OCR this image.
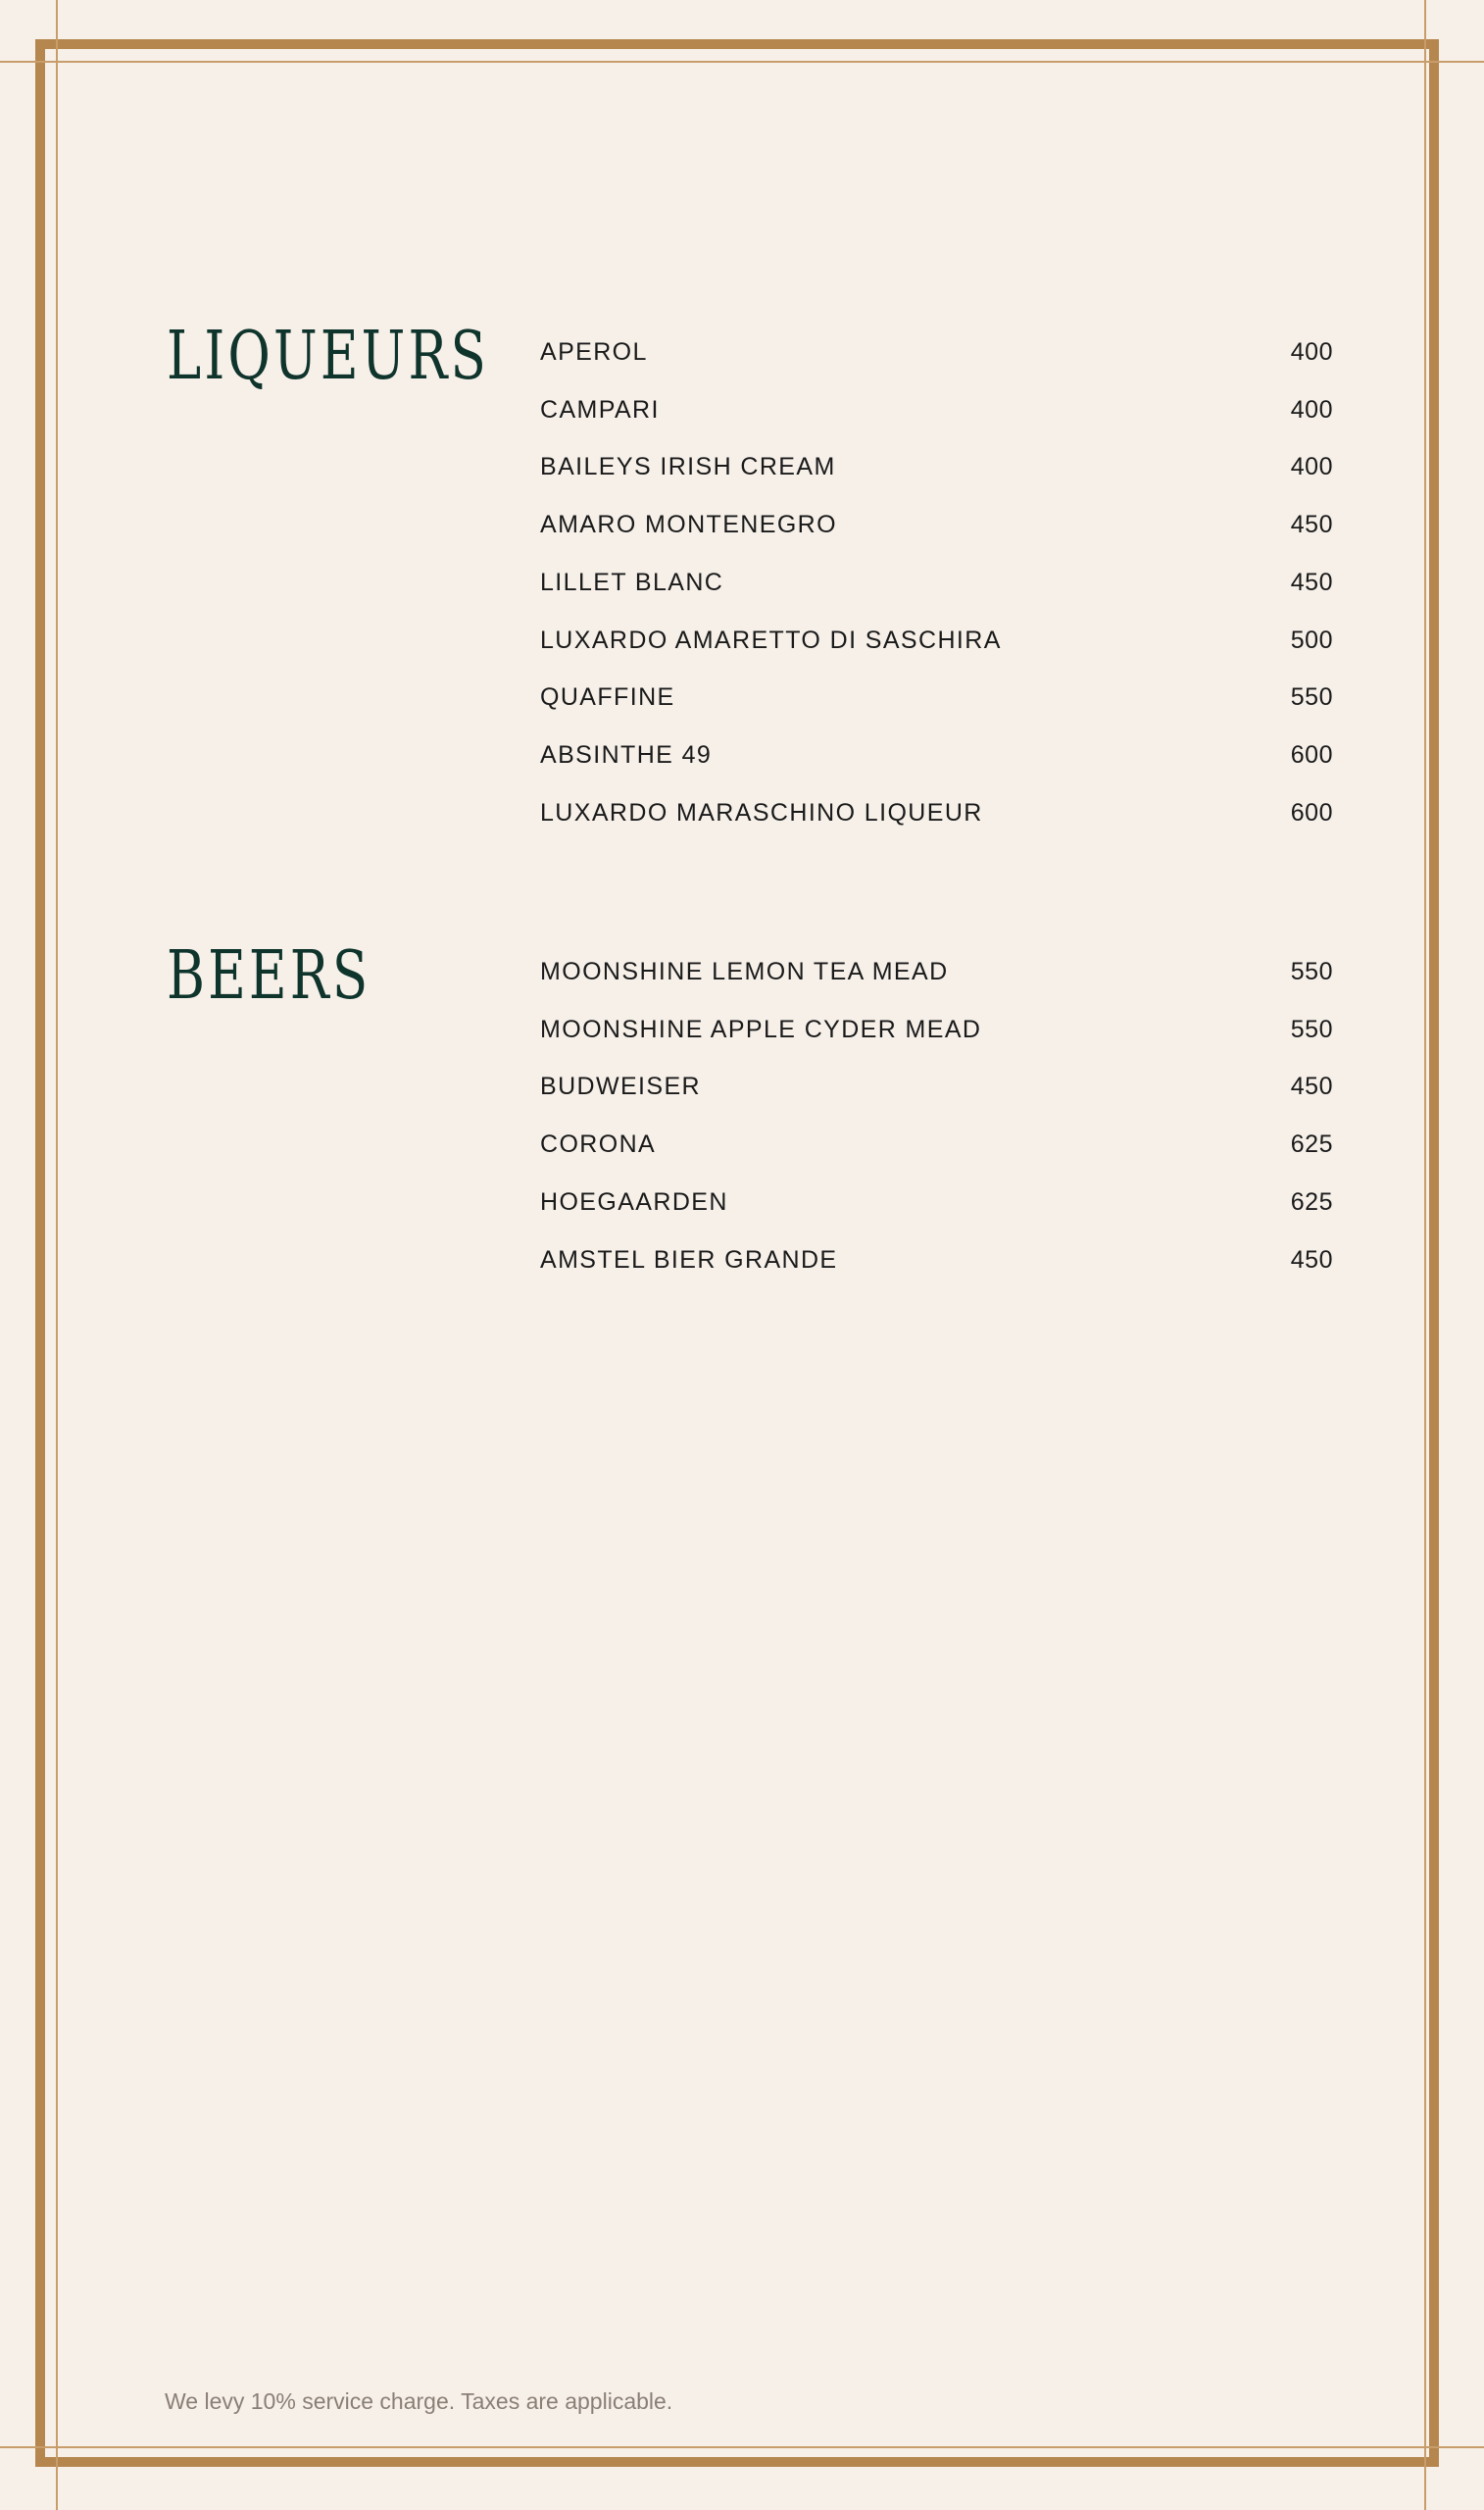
LIQUEURS APEROL	400
CAMPARI	400
BAILEYS IRISH CREAM	400
AMARO MONTENEGRO	450
LILLET BLANC	450
LUXARDO AMARETTO DI SASCHIRA	500
QUAFFINE	550
ABSINTHE 49	600
LUXARDO MARASCHINO LIQUEUR	600
BEERS	MOONSHINE LEMON TEA MEAD	550
MOONSHINE APPLE CYDER MEAD	550
BUDWEISER	450
CORONA	625
HOEGAARDEN	625
AMSTEL BIER GRANDE	450

We levy 10% service charge. Taxes are applicable.
